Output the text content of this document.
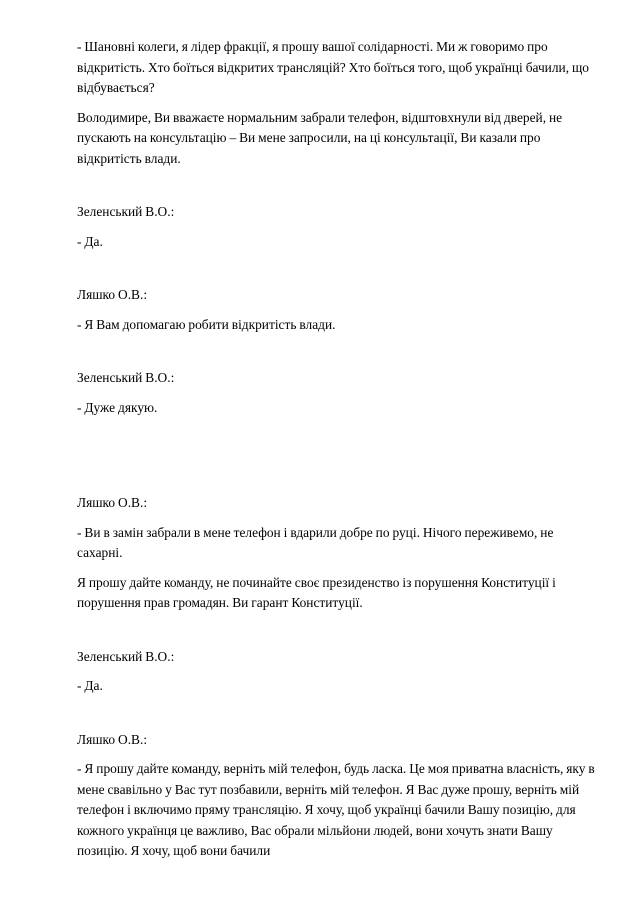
- Шановні колеги, я лідер фракції, я прошу вашої солідарності. Ми ж говоримо про відкритість. Хто боїться відкритих трансляцій? Хто боїться того, щоб українці бачили, що відбувається?

Володимире, Ви вважаєте нормальним забрали телефон, відштовхнули від дверей, не пускають на консультацію – Ви мене запросили, на ці консультації, Ви казали про відкритість влади.

Зеленський В.О.:

- Да.

Ляшко О.В.:

- Я Вам допомагаю робити відкритість влади.

Зеленський В.О.:

- Дуже дякую.

Ляшко О.В.:

- Ви в замін забрали в мене телефон і вдарили добре по руці. Нічого переживемо, не сахарні.

Я прошу дайте команду, не починайте своє президенство із порушення Конституції і порушення прав громадян. Ви гарант Конституції.

Зеленський В.О.:

- Да.

Ляшко О.В.:

- Я прошу дайте команду, верніть мій телефон, будь ласка. Це моя приватна власність, яку в мене свавільно у Вас тут позбавили, верніть мій телефон. Я Вас дуже прошу, верніть мій телефон і включимо пряму трансляцію. Я хочу, щоб українці бачили Вашу позицію, для кожного українця це важливо, Вас обрали мільйони людей, вони хочуть знати Вашу позицію. Я хочу, щоб вони бачили
